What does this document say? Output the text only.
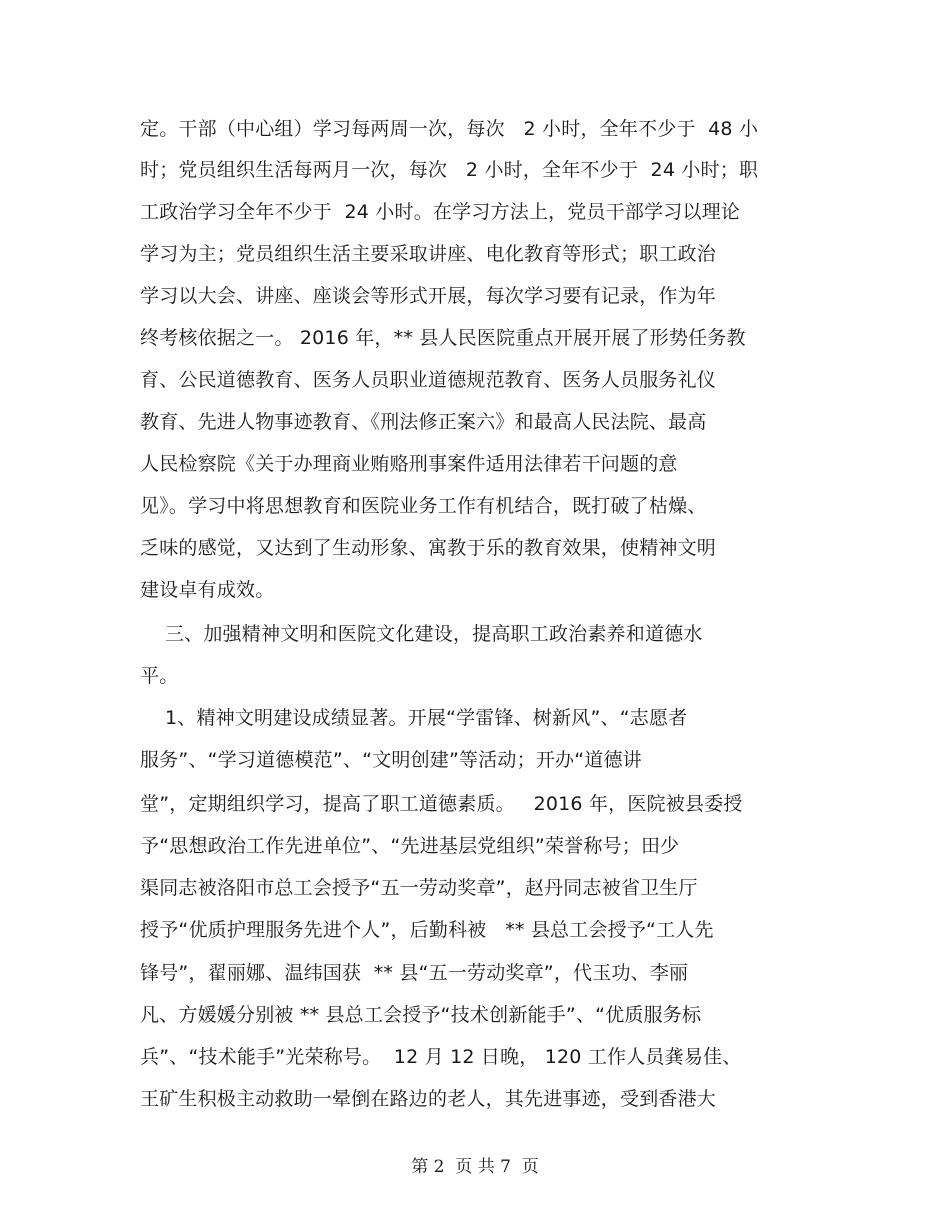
定。干部（中心组）学习每两周一次，每次   2 小时，全年不少于  48 小

时；党员组织生活每两月一次，每次   2 小时，全年不少于  24 小时；职

工政治学习全年不少于  24 小时。在学习方法上，党员干部学习以理论

学习为主；党员组织生活主要采取讲座、电化教育等形式；职工政治

学习以大会、讲座、座谈会等形式开展，每次学习要有记录，作为年

终考核依据之一。 2016 年，** 县人民医院重点开展开展了形势任务教

育、公民道德教育、医务人员职业道德规范教育、医务人员服务礼仪

教育、先进人物事迹教育、《刑法修正案六》和最高人民法院、最高

人民检察院《关于办理商业贿赂刑事案件适用法律若干问题的意

见》。学习中将思想教育和医院业务工作有机结合，既打破了枯燥、

乏味的感觉，又达到了生动形象、寓教于乐的教育效果，使精神文明

建设卓有成效。

三、加强精神文明和医院文化建设，提高职工政治素养和道德水

平。

1、精神文明建设成绩显著。开展“学雷锋、树新风”、“志愿者

服务”、“学习道德模范”、“文明创建”等活动；开办“道德讲

堂”，定期组织学习，提高了职工道德素质。   2016 年，医院被县委授

予“思想政治工作先进单位”、“先进基层党组织”荣誉称号；田少

渠同志被洛阳市总工会授予“五一劳动奖章”，赵丹同志被省卫生厅

授予“优质护理服务先进个人”，后勤科被   ** 县总工会授予“工人先

锋号”，翟丽娜、温纬国获  ** 县“五一劳动奖章”，代玉功、李丽

凡、方媛媛分别被 ** 县总工会授予“技术创新能手”、“优质服务标

兵”、“技术能手”光荣称号。  12 月 12 日晚， 120 工作人员龚易佳、

王矿生积极主动救助一晕倒在路边的老人，其先进事迹，受到香港大

第 2  页 共 7  页
